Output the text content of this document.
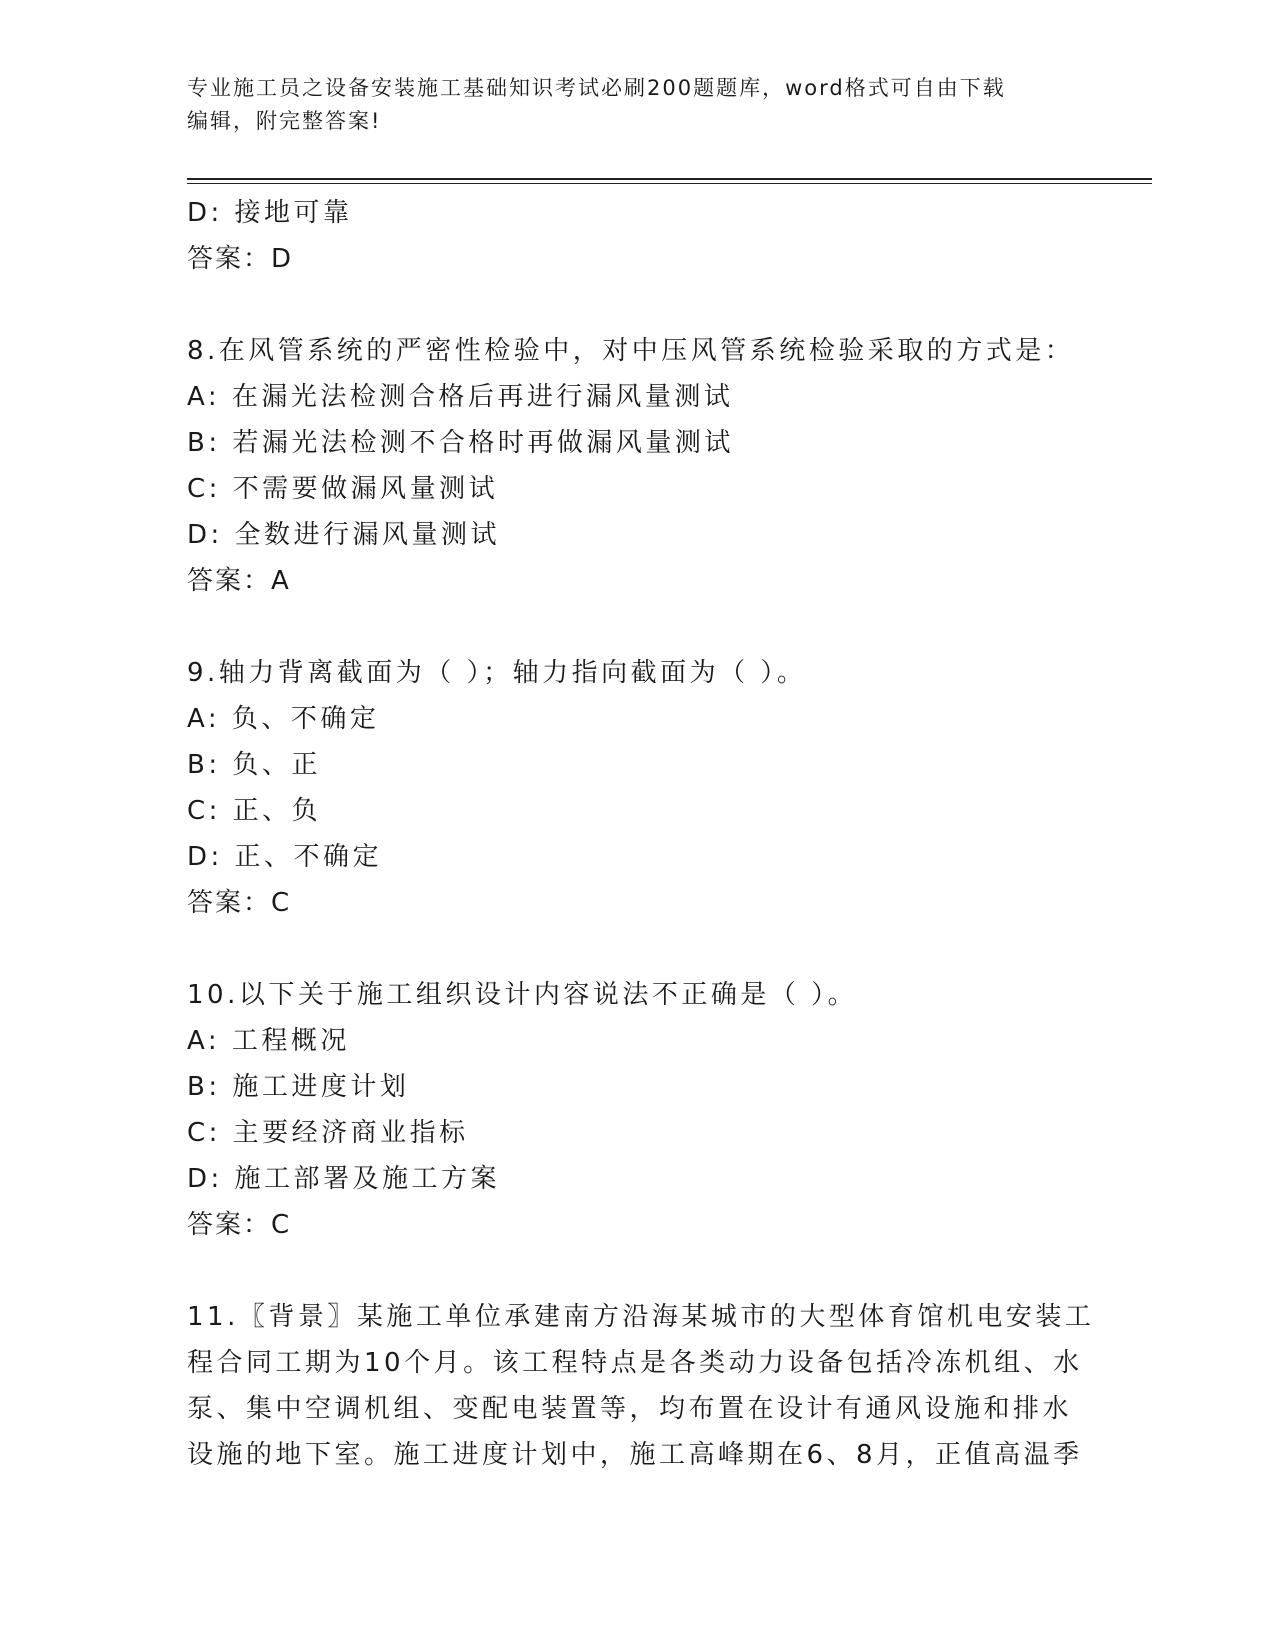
专业施工员之设备安装施工基础知识考试必刷200题题库，word格式可自由下载
编辑，附完整答案!
D: 接地可靠
答案：D
8.在风管系统的严密性检验中，对中压风管系统检验采取的方式是：
A: 在漏光法检测合格后再进行漏风量测试
B: 若漏光法检测不合格时再做漏风量测试
C: 不需要做漏风量测试
D: 全数进行漏风量测试
答案：A
9.轴力背离截面为（ ）；轴力指向截面为（ ）。
A: 负、不确定
B: 负、正
C: 正、负
D: 正、不确定
答案：C
10.以下关于施工组织设计内容说法不正确是（ ）。
A: 工程概况
B: 施工进度计划
C: 主要经济商业指标
D: 施工部署及施工方案
答案：C
11.〖背景〗某施工单位承建南方沿海某城市的大型体育馆机电安装工
程合同工期为10个月。该工程特点是各类动力设备包括冷冻机组、水
泵、集中空调机组、变配电装置等，均布置在设计有通风设施和排水
设施的地下室。施工进度计划中，施工高峰期在6、8月，正值高温季
